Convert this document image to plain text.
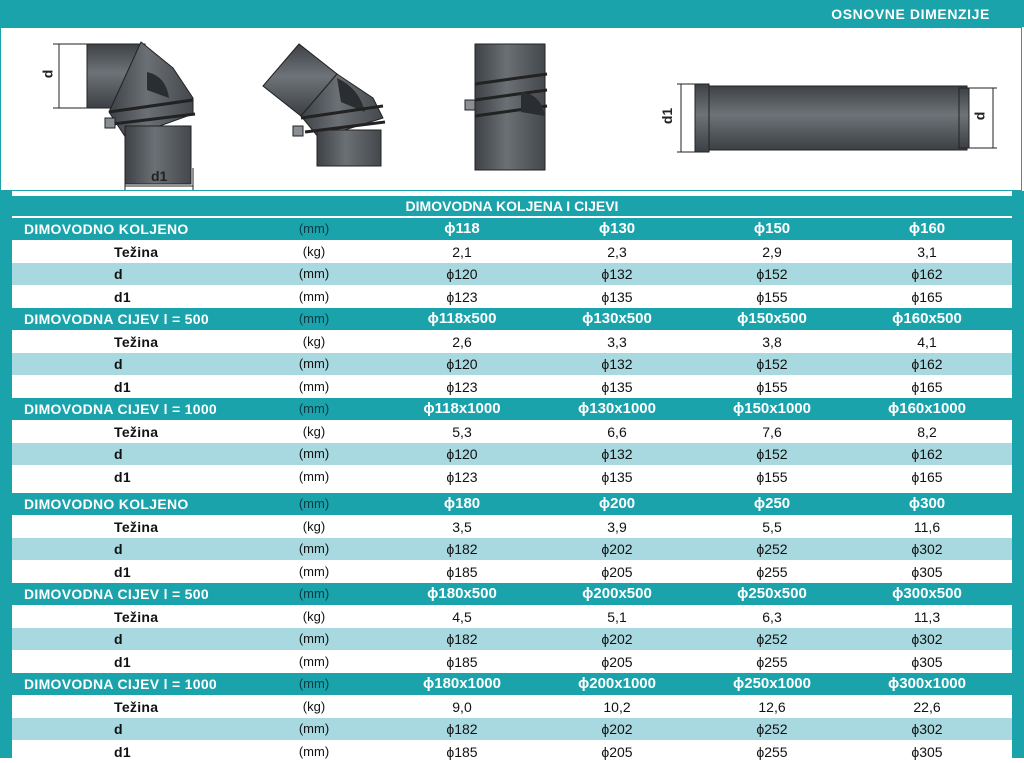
OSNOVNE DIMENZIJE
d
d1
d1	d
DIMOVODNA KOLJENA I CIJEVI
DIMOVODNO KOLJENO	(mm)	ϕ118	ϕ130	ϕ150	ϕ160
Težina	(kg)	2,1	2,3	2,9	3,1
d	(mm)	ϕ120	ϕ132	ϕ152	ϕ162
d1	(mm)	ϕ123	ϕ135	ϕ155	ϕ165
DIMOVODNA CIJEV l = 500	(mm)	ϕ118x500	ϕ130x500	ϕ150x500	ϕ160x500
Težina	(kg)	2,6	3,3	3,8	4,1
d	(mm)	ϕ120	ϕ132	ϕ152	ϕ162
d1	(mm)	ϕ123	ϕ135	ϕ155	ϕ165
DIMOVODNA CIJEV l = 1000	(mm)	ϕ118x1000	ϕ130x1000	ϕ150x1000	ϕ160x1000
Težina	(kg)	5,3	6,6	7,6	8,2
d	(mm)	ϕ120	ϕ132	ϕ152	ϕ162
d1	(mm)	ϕ123	ϕ135	ϕ155	ϕ165
DIMOVODNO KOLJENO	(mm)	ϕ180	ϕ200	ϕ250	ϕ300
Težina	(kg)	3,5	3,9	5,5	11,6
d	(mm)	ϕ182	ϕ202	ϕ252	ϕ302
d1	(mm)	ϕ185	ϕ205	ϕ255	ϕ305
DIMOVODNA CIJEV l = 500	(mm)	ϕ180x500	ϕ200x500	ϕ250x500	ϕ300x500
Težina	(kg)	4,5	5,1	6,3	11,3
d	(mm)	ϕ182	ϕ202	ϕ252	ϕ302
d1	(mm)	ϕ185	ϕ205	ϕ255	ϕ305
DIMOVODNA CIJEV l = 1000	(mm)	ϕ180x1000	ϕ200x1000	ϕ250x1000	ϕ300x1000
Težina	(kg)	9,0	10,2	12,6	22,6
d	(mm)	ϕ182	ϕ202	ϕ252	ϕ302
d1	(mm)	ϕ185	ϕ205	ϕ255	ϕ305
